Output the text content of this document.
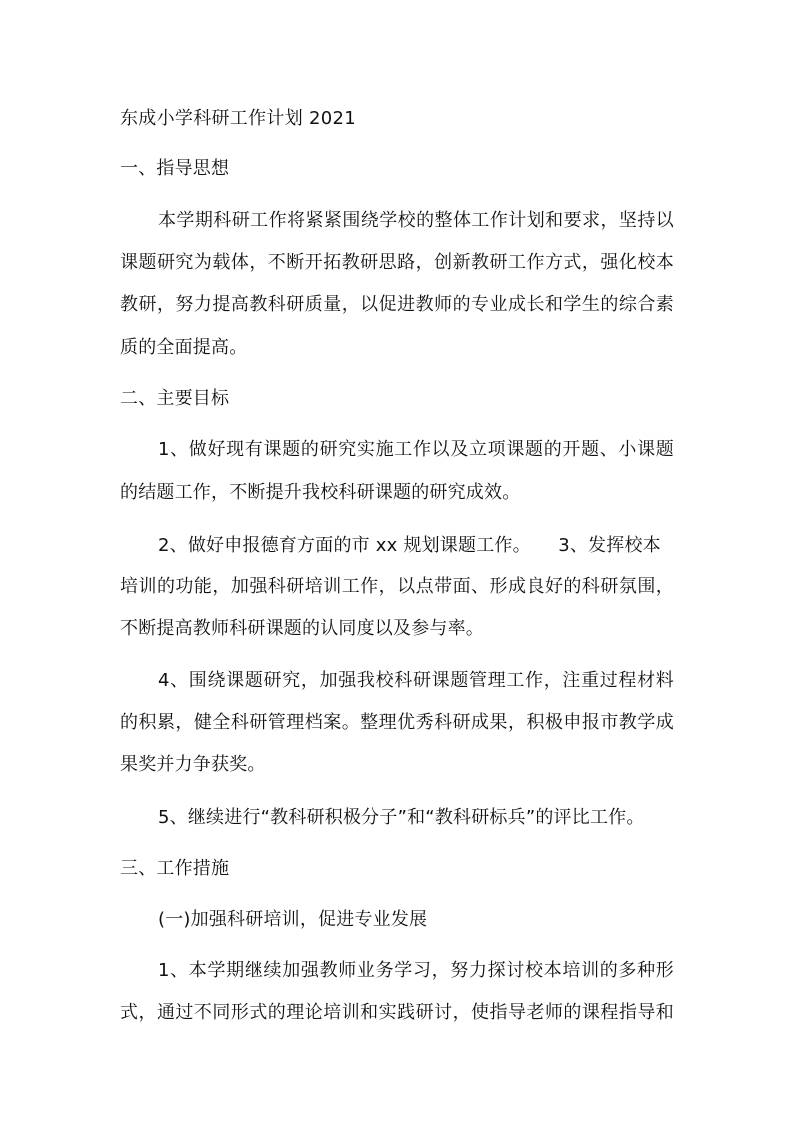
东成小学科研工作计划 2021
一、指导思想
本学期科研工作将紧紧围绕学校的整体工作计划和要求，坚持以
课题研究为载体，不断开拓教研思路，创新教研工作方式，强化校本
教研，努力提高教科研质量，以促进教师的专业成长和学生的综合素
质的全面提高。
二、主要目标
1、做好现有课题的研究实施工作以及立项课题的开题、小课题
的结题工作，不断提升我校科研课题的研究成效。
2、做好申报德育方面的市 xx 规划课题工作。　　3、发挥校本
培训的功能，加强科研培训工作，以点带面、形成良好的科研氛围，
不断提高教师科研课题的认同度以及参与率。
4、围绕课题研究，加强我校科研课题管理工作，注重过程材料
的积累，健全科研管理档案。整理优秀科研成果，积极申报市教学成
果奖并力争获奖。
5、继续进行“教科研积极分子”和“教科研标兵”的评比工作。
三、工作措施
(一)加强科研培训，促进专业发展
1、本学期继续加强教师业务学习，努力探讨校本培训的多种形
式，通过不同形式的理论培训和实践研讨，使指导老师的课程指导和
